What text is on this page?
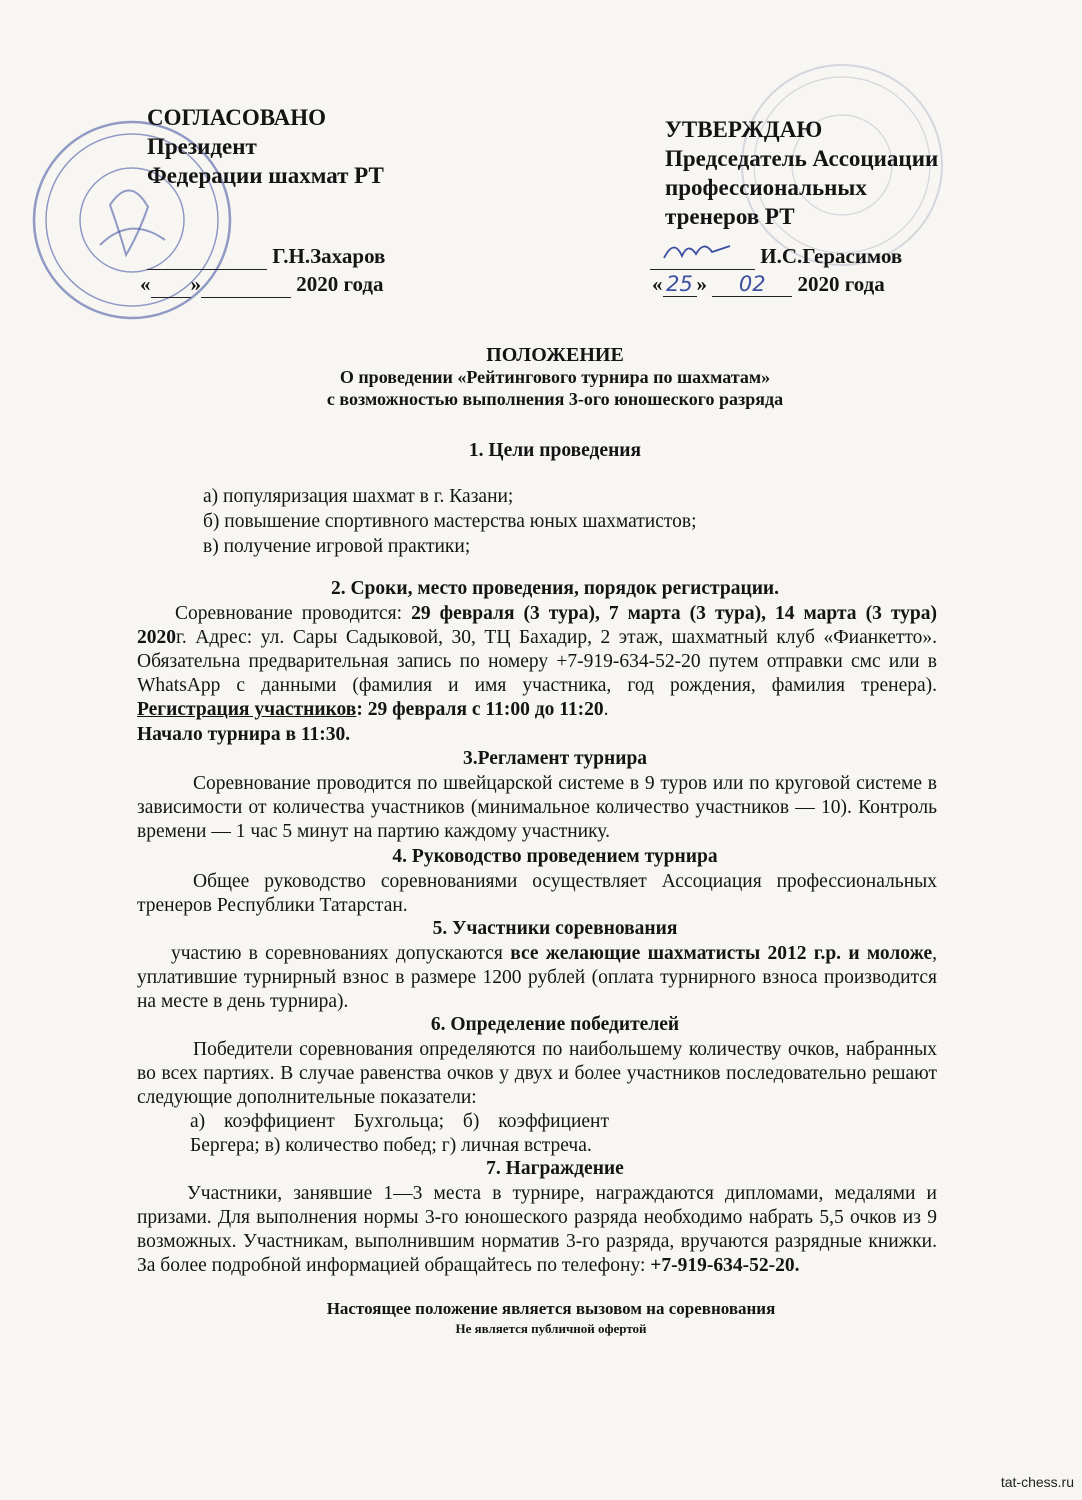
СОГЛАСОВАНО
Президент
Федерации шахмат РТ
Г.Н.Захаров
« »	2020 года
УТВЕРЖДАЮ
Председатель Ассоциации
профессиональных
тренеров РТ

И.С.Герасимов
« 25 » 02 2020 года
ПОЛОЖЕНИЕ
О проведении «Рейтингового турнира по шахматам»
с возможностью выполнения 3-ого юношеского разряда
1. Цели проведения
а) популяризация шахмат в г. Казани;
б) повышение спортивного мастерства юных шахматистов;
в) получение игровой практики;
2. Сроки, место проведения, порядок регистрации.
Соревнование проводится: 29 февраля (3 тура), 7 марта (3 тура), 14 марта (3 тура) 2020г. Адрес: ул. Сары Садыковой, 30, ТЦ Бахадир, 2 этаж, шахматный клуб «Фианкетто». Обязательна предварительная запись по номеру +7-919-634-52-20 путем отправки смс или в WhatsApp с данными (фамилия и имя участника, год рождения, фамилия тренера). Регистрация участников: 29 февраля с 11:00 до 11:20.
Начало турнира в 11:30.
3.Регламент турнира
Соревнование проводится по швейцарской системе в 9 туров или по круговой системе в зависимости от количества участников (минимальное количество участников — 10). Контроль времени — 1 час 5 минут на партию каждому участнику.
4. Руководство проведением турнира
Общее руководство соревнованиями осуществляет Ассоциация профессиональных тренеров Республики Татарстан.
5. Участники соревнования
участию в соревнованиях допускаются все желающие шахматисты 2012 г.р. и моложе, уплатившие турнирный взнос в размере 1200 рублей (оплата турнирного взноса производится на месте в день турнира).
6. Определение победителей
Победители соревнования определяются по наибольшему количеству очков, набранных во всех партиях. В случае равенства очков у двух и более участников последовательно решают следующие дополнительные показатели:
а) коэффициент Бухгольца; б) коэффициент
Бергера; в) количество побед; г) личная встреча.
7. Награждение
Участники, занявшие 1—3 места в турнире, награждаются дипломами, медалями и призами. Для выполнения нормы 3-го юношеского разряда необходимо набрать 5,5 очков из 9 возможных. Участникам, выполнившим норматив 3-го разряда, вручаются разрядные книжки. За более подробной информацией обращайтесь по телефону: +7-919-634-52-20.
Настоящее положение является вызовом на соревнования
Не является публичной офертой
tat-chess.ru
